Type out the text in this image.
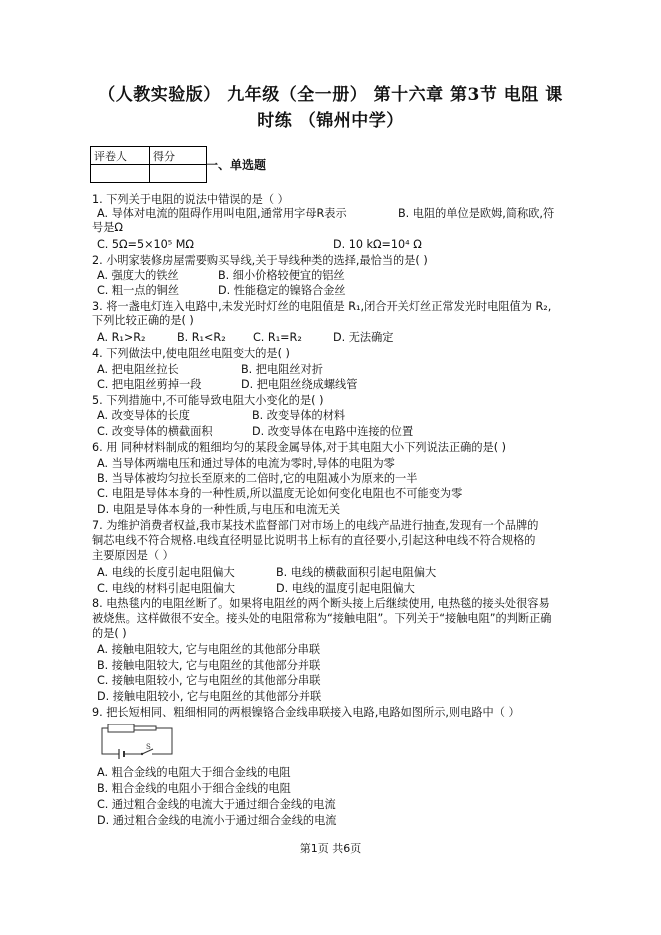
（人教实验版） 九年级（全一册） 第十六章 第3节 电阻 课
时练 （锦州中学）
评卷人	得分

一、单选题
1. 下列关于电阻的说法中错误的是（ ）
A. 导体对电流的阻碍作用叫电阻,通常用字母R表示	B. 电阻的单位是欧姆,简称欧,符
号是Ω
C. 5Ω=5×10⁵ MΩ	D. 10 kΩ=10⁴ Ω
2. 小明家装修房屋需要购买导线,关于导线种类的选择,最恰当的是( )
A. 强度大的铁丝	B. 细小价格较便宜的铝丝
C. 粗一点的铜丝	D. 性能稳定的镍铬合金丝
3. 将一盏电灯连入电路中,未发光时灯丝的电阻值是 R₁,闭合开关灯丝正常发光时电阻值为 R₂,
下列比较正确的是( )
A. R₁>R₂	B. R₁<R₂ C. R₁=R₂	D. 无法确定
4. 下列做法中,使电阻丝电阻变大的是( )
A. 把电阻丝拉长	B. 把电阻丝对折
C. 把电阻丝剪掉一段	D. 把电阻丝绕成螺线管
5. 下列措施中,不可能导致电阻大小变化的是( )
A. 改变导体的长度	B. 改变导体的材料
C. 改变导体的横截面积	D. 改变导体在电路中连接的位置
6. 用 同种材料制成的粗细均匀的某段金属导体,对于其电阻大小下列说法正确的是( )
A. 当导体两端电压和通过导体的电流为零时,导体的电阻为零
B. 当导体被均匀拉长至原来的二倍时,它的电阻减小为原来的一半
C. 电阻是导体本身的一种性质,所以温度无论如何变化电阻也不可能变为零
D. 电阻是导体本身的一种性质,与电压和电流无关
7. 为维护消费者权益,我市某技术监督部门对市场上的电线产品进行抽查,发现有一个品牌的
铜芯电线不符合规格.电线直径明显比说明书上标有的直径要小,引起这种电线不符合规格的
主要原因是（ ）
A. 电线的长度引起电阻偏大	B. 电线的横截面积引起电阻偏大
C. 电线的材料引起电阻偏大	D. 电线的温度引起电阻偏大
8. 电热毯内的电阻丝断了。如果将电阻丝的两个断头接上后继续使用, 电热毯的接头处很容易
被烧焦。这样做很不安全。接头处的电阻常称为“接触电阻”。下列关于“接触电阻”的判断正确
的是( )
A. 接触电阻较大, 它与电阻丝的其他部分串联
B. 接触电阻较大, 它与电阻丝的其他部分并联
C. 接触电阻较小, 它与电阻丝的其他部分串联
D. 接触电阻较小, 它与电阻丝的其他部分并联
9. 把长短相同、粗细相同的两根镍铬合金线串联接入电路,电路如图所示,则电路中（ ）
S
A. 粗合金线的电阻大于细合金线的电阻
B. 粗合金线的电阻小于细合金线的电阻
C. 通过粗合金线的电流大于通过细合金线的电流
D. 通过粗合金线的电流小于通过细合金线的电流
第1页 共6页
